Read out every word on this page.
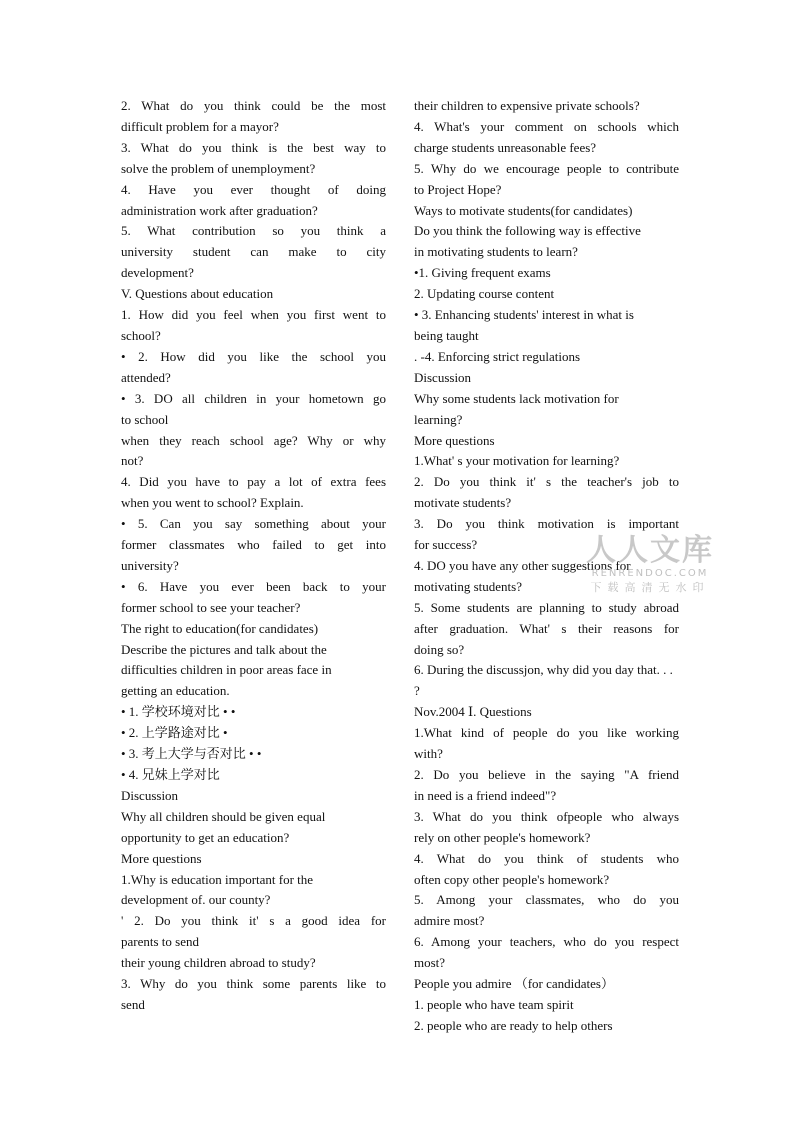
2. What do you think could be the most
difficult problem for a mayor?
3. What do you think is the best way to
solve the problem of unemployment?
4. Have you ever thought of doing
administration work after graduation?
5. What contribution so you think a
university student can make to city
development?
V. Questions about education
1. How did you feel when you first went to
school?
• 2. How did you like the school you
attended?
• 3. DO all children in your hometown go
to school
when they reach school age? Why or why
not?
4. Did you have to pay a lot of extra fees
when you went to school? Explain.
• 5. Can you say something about your
former classmates who failed to get into
university?
• 6. Have you ever been back to your
former school to see your teacher?
The right to education(for candidates)
Describe the pictures and talk about the
difficulties children in poor areas face in
getting an education.
• 1. 学校环境对比 • •
• 2. 上学路途对比 •
• 3. 考上大学与否对比 • •
• 4. 兄妹上学对比
Discussion
Why all children should be given equal
opportunity to get an education?
More questions
1.Why is education important for the
development of. our county?
' 2. Do you think it' s a good idea for
parents to send
their young children abroad to study?
3. Why do you think some parents like to
send
their children to expensive private schools?
4. What's your comment on schools which
charge students unreasonable fees?
5. Why do we encourage people to contribute
to Project Hope?
Ways to motivate students(for candidates)
Do you think the following way is effective
in motivating students to learn?
•1. Giving frequent exams
2. Updating course content
• 3. Enhancing students' interest in what is
being taught
. -4. Enforcing strict regulations
Discussion
Why some students lack motivation for
learning?
More questions
1.What' s your motivation for learning?
2. Do you think it' s the teacher's job to
motivate students?
3. Do you think motivation is important
for success?
4. DO you have any other suggestions for
motivating students?
5. Some students are planning to study abroad
after graduation. What' s their reasons for
doing so?
6. During the discussjon, why did you day that. . . ?
Nov.2004 Ⅰ. Questions
1.What kind of people do you like working
with?
2. Do you believe in the saying "A friend
in need is a friend indeed"?
3. What do you think ofpeople who always
rely on other people's homework?
4. What do you think of students who
often copy other people's homework?
5. Among your classmates, who do you
admire most?
6. Among your teachers, who do you respect
most?
People you admire （for candidates）
1. people who have team spirit
2. people who are ready to help others
人人文库
RENRENDOC.COM
下载高清无水印
